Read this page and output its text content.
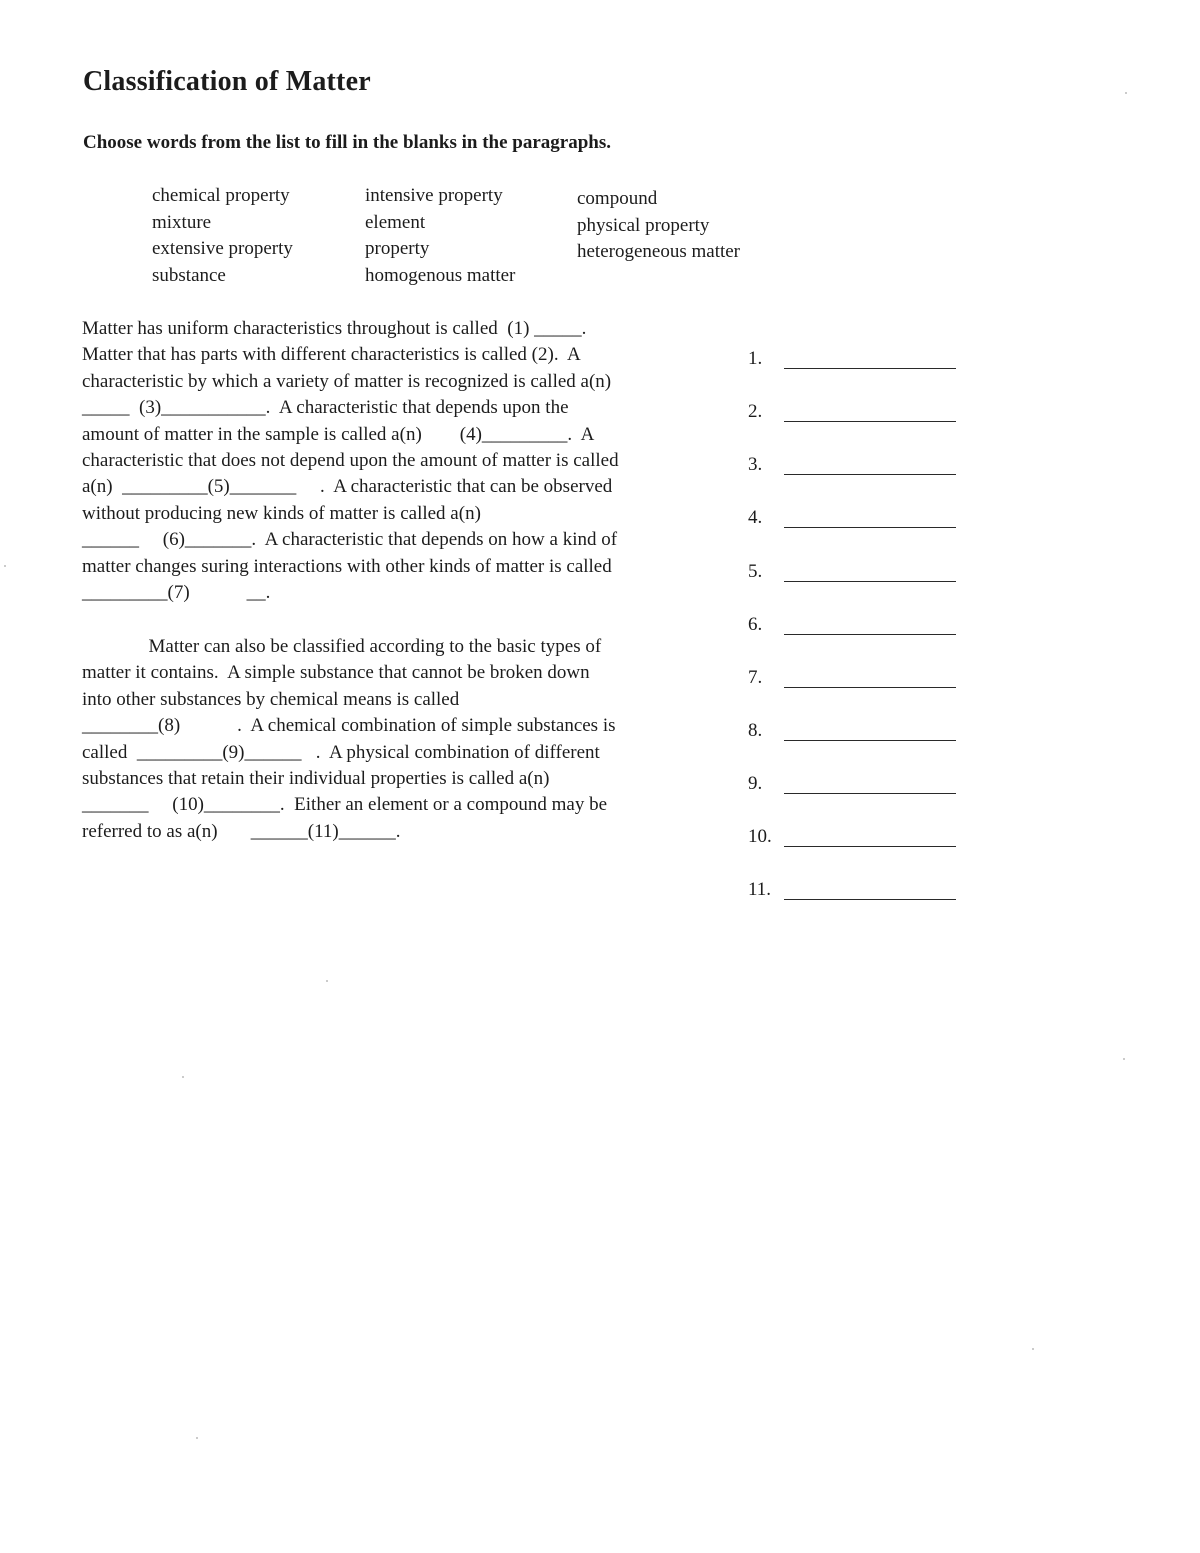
Classification of Matter

Choose words from the list to fill in the blanks in the paragraphs.

chemical property
mixture
extensive property
substance
intensive property
element
property
homogenous matter
compound
physical property
heterogeneous matter
Matter has uniform characteristics throughout is called  (1) _____.
Matter that has parts with different characteristics is called (2).  A
characteristic by which a variety of matter is recognized is called a(n)
_____  (3)___________.  A characteristic that depends upon the
amount of matter in the sample is called a(n)        (4)_________.  A
characteristic that does not depend upon the amount of matter is called
a(n)  _________(5)_______     .  A characteristic that can be observed
without producing new kinds of matter is called a(n)
______     (6)_______.  A characteristic that depends on how a kind of
matter changes suring interactions with other kinds of matter is called
_________(7)            __.
Matter can also be classified according to the basic types of
matter it contains.  A simple substance that cannot be broken down
into other substances by chemical means is called
________(8)            .  A chemical combination of simple substances is
called  _________(9)______   .  A physical combination of different
substances that retain their individual properties is called a(n)
_______     (10)________.  Either an element or a compound may be
referred to as a(n)       ______(11)______.
1.
2.
3.
4.
5.
6.
7.
8.
9.
10.
11.
